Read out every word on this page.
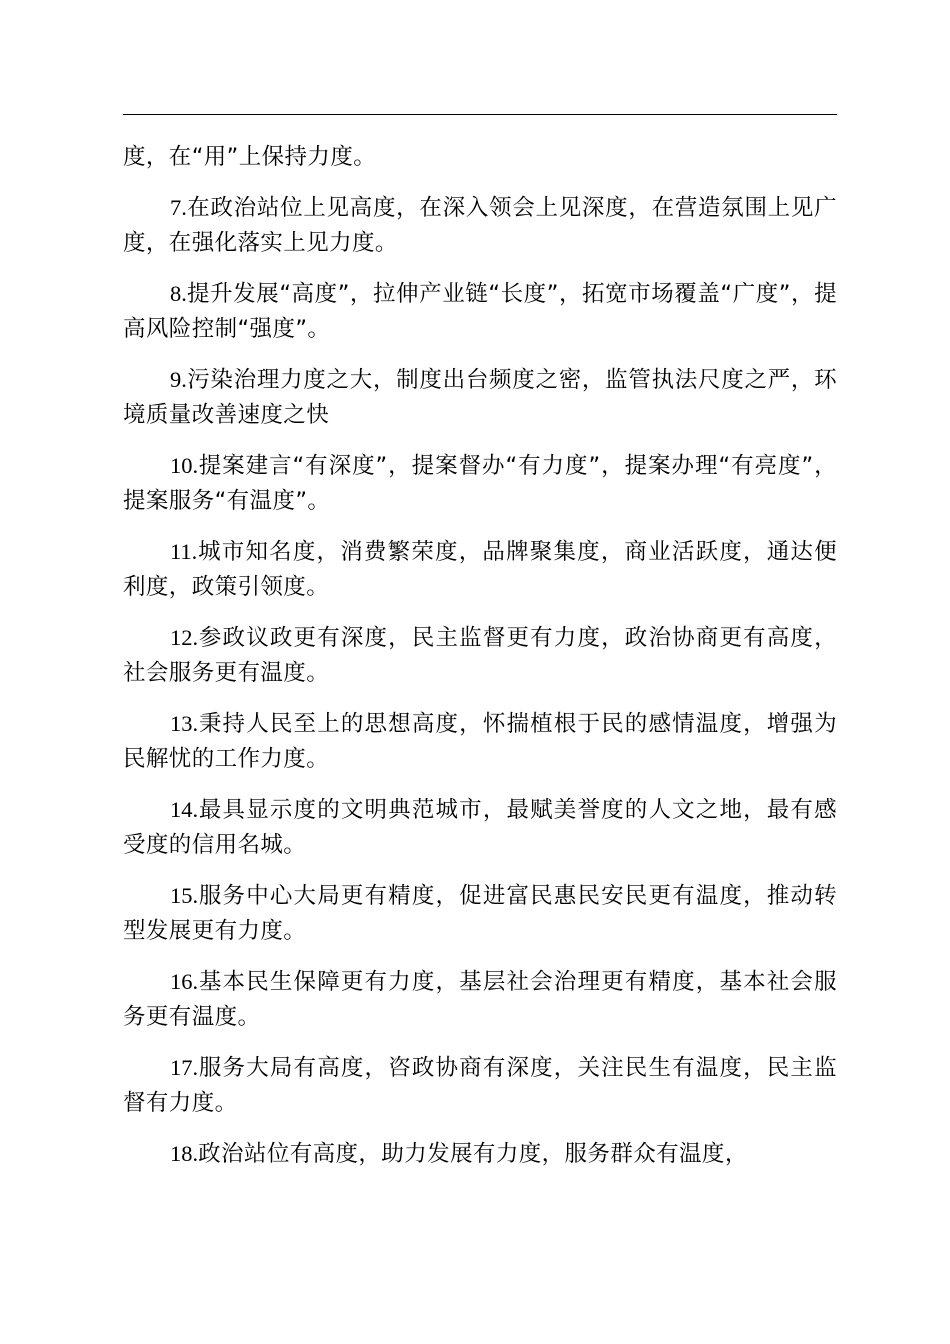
度，在“用”上保持力度。

7.在政治站位上见高度，在深入领会上见深度，在营造氛围上见广度，在强化落实上见力度。

8.提升发展“高度”，拉伸产业链“长度”，拓宽市场覆盖“广度”，提高风险控制“强度”。

9.污染治理力度之大，制度出台频度之密，监管执法尺度之严，环境质量改善速度之快

10.提案建言“有深度”，提案督办“有力度”，提案办理“有亮度”，提案服务“有温度”。

11.城市知名度，消费繁荣度，品牌聚集度，商业活跃度，通达便利度，政策引领度。

12.参政议政更有深度，民主监督更有力度，政治协商更有高度，社会服务更有温度。

13.秉持人民至上的思想高度，怀揣植根于民的感情温度，增强为民解忧的工作力度。

14.最具显示度的文明典范城市，最赋美誉度的人文之地，最有感受度的信用名城。

15.服务中心大局更有精度，促进富民惠民安民更有温度，推动转型发展更有力度。

16.基本民生保障更有力度，基层社会治理更有精度，基本社会服务更有温度。

17.服务大局有高度，咨政协商有深度，关注民生有温度，民主监督有力度。

18.政治站位有高度，助力发展有力度，服务群众有温度，
